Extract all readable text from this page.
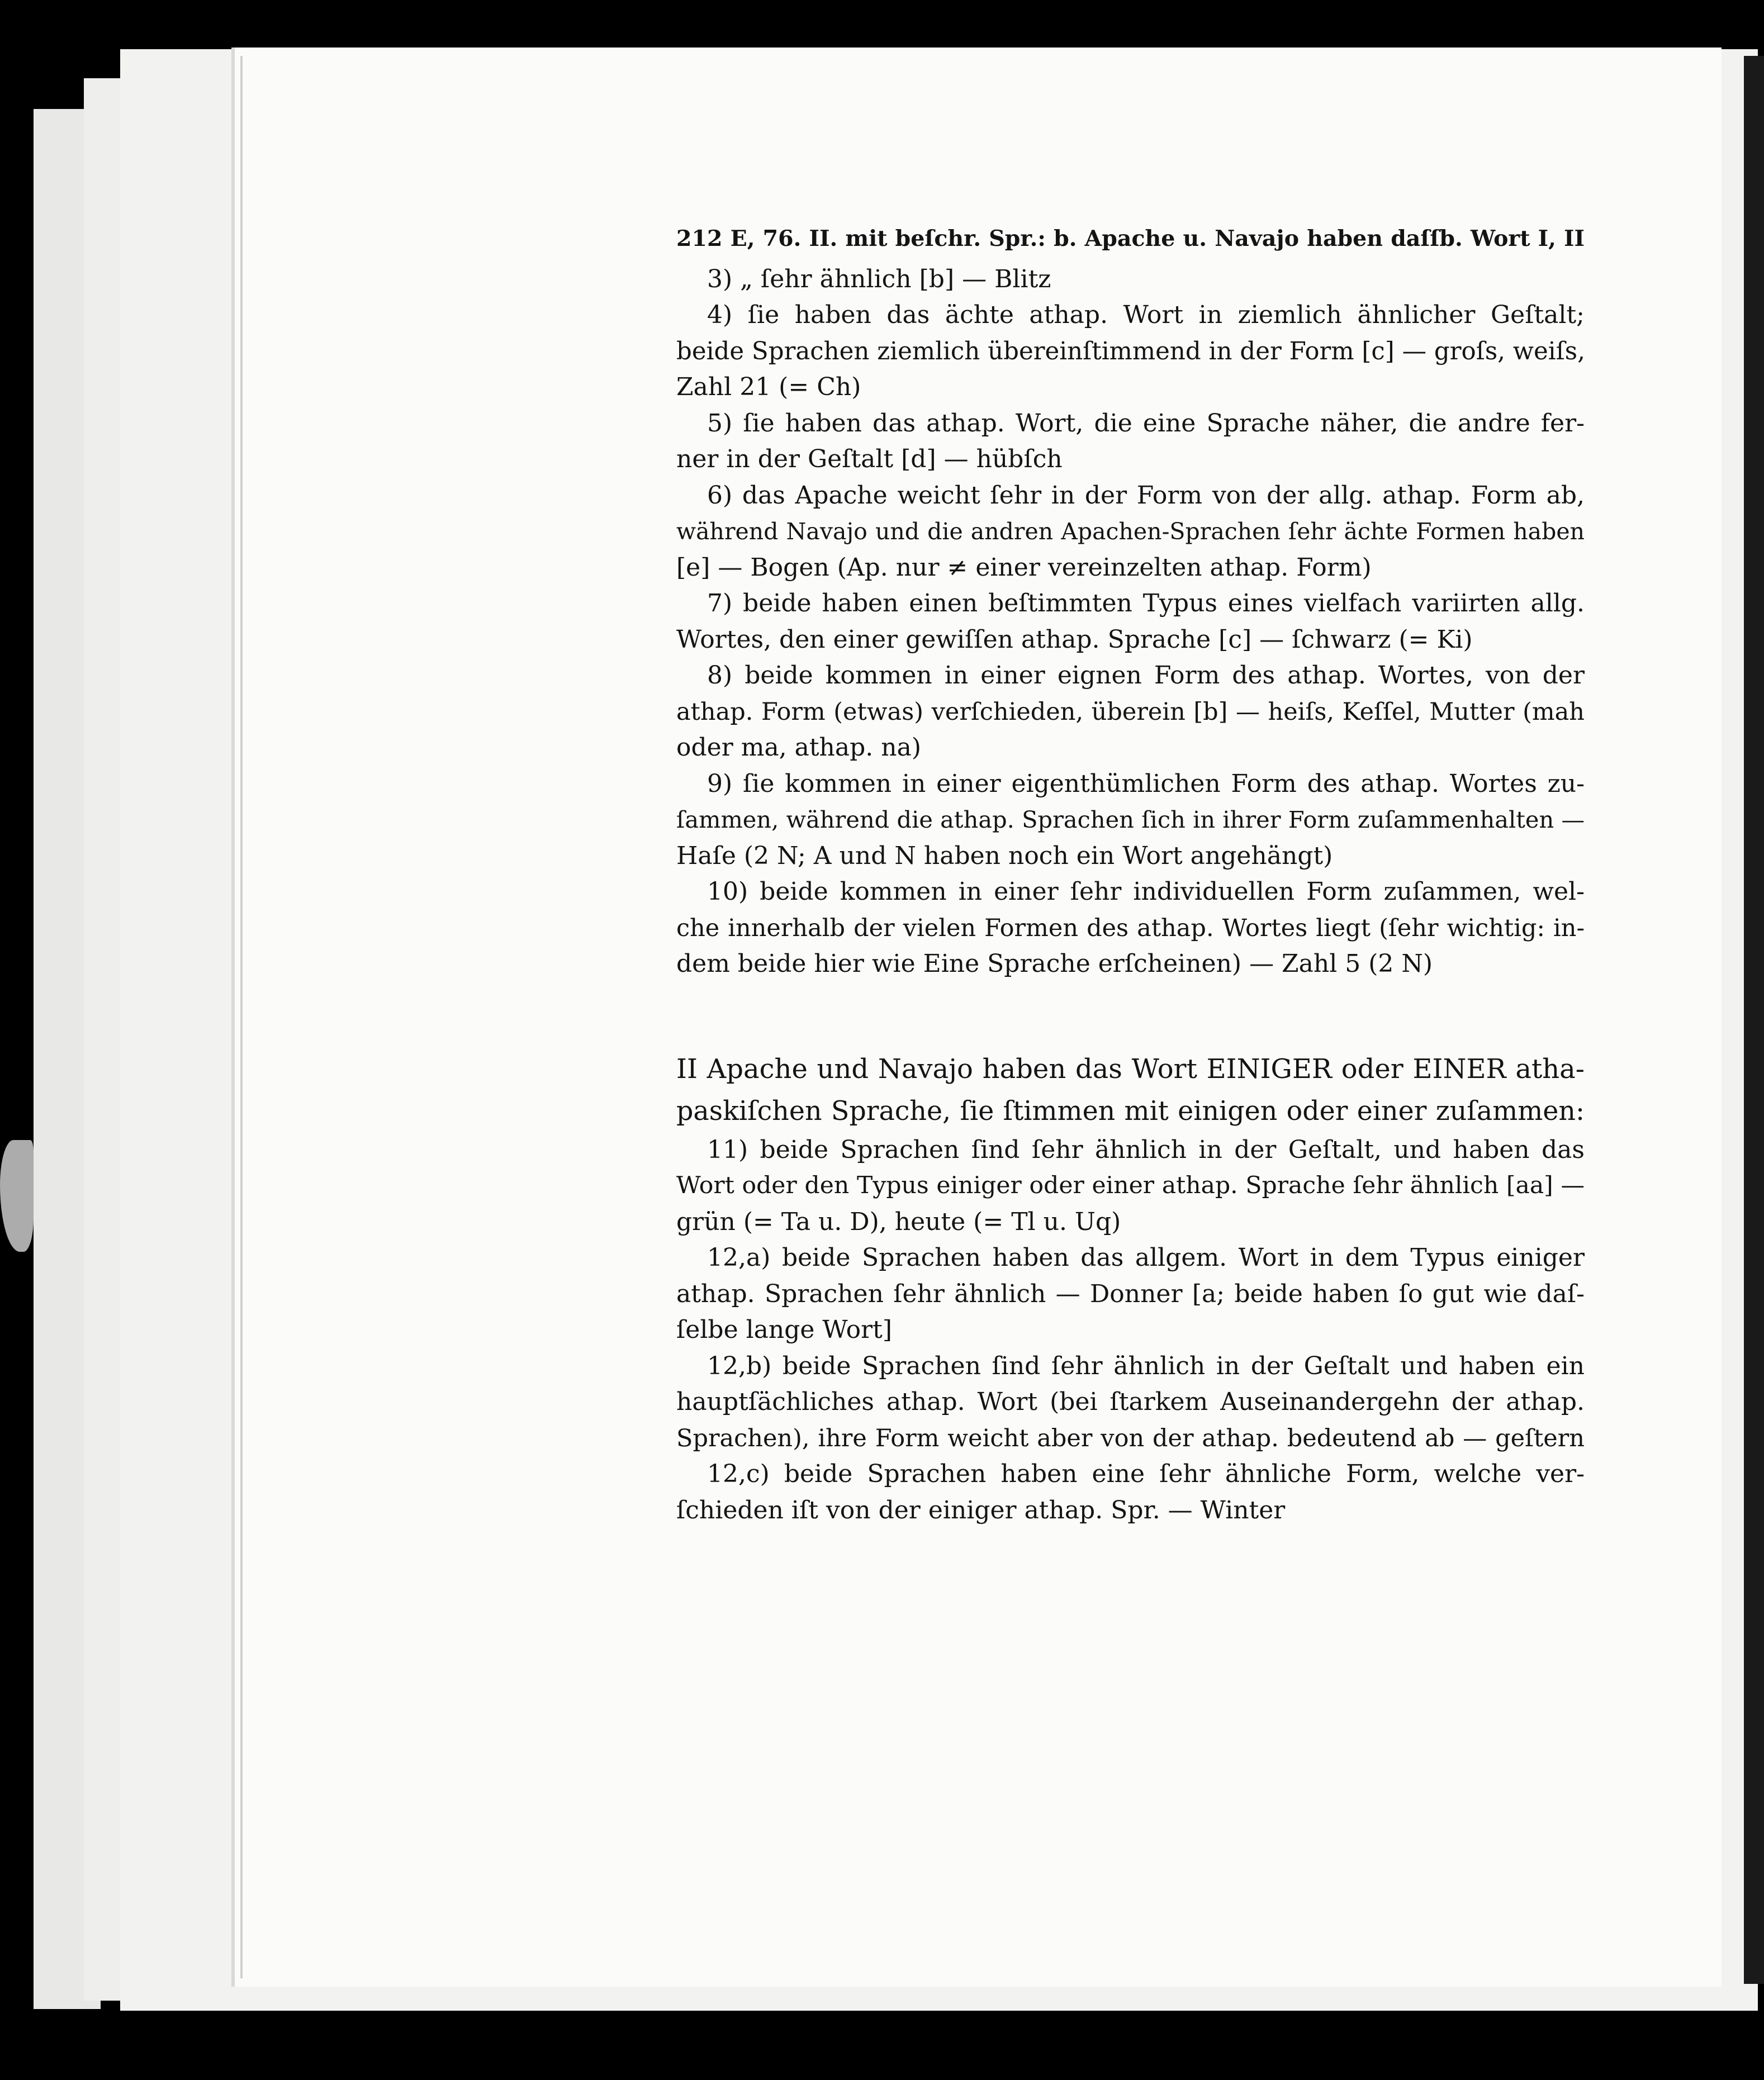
212 E, 76. II. mit beſchr. Spr.: b. Apache u. Navajo haben daſſb. Wort I, II
3) „ ſehr ähnlich [b] — Blitz
4) ſie haben das ächte athap. Wort in ziemlich ähnlicher Geſtalt;
beide Sprachen ziemlich übereinſtimmend in der Form [c] — groſs, weiſs,
Zahl 21 (= Ch)
5) ſie haben das athap. Wort, die eine Sprache näher, die andre fer-
ner in der Geſtalt [d] — hübſch
6) das Apache weicht ſehr in der Form von der allg. athap. Form ab,
während Navajo und die andren Apachen-Sprachen ſehr ächte Formen haben
[e] — Bogen (Ap. nur ≠ einer vereinzelten athap. Form)
7) beide haben einen beſtimmten Typus eines vielfach variirten allg.
Wortes, den einer gewiſſen athap. Sprache [c] — ſchwarz (= Ki)
8) beide kommen in einer eignen Form des athap. Wortes, von der
athap. Form (etwas) verſchieden, überein [b] — heiſs, Keſſel, Mutter (mah
oder ma, athap. na)
9) ſie kommen in einer eigenthümlichen Form des athap. Wortes zu-
ſammen, während die athap. Sprachen ſich in ihrer Form zuſammenhalten —
Haſe (2 N; A und N haben noch ein Wort angehängt)
10) beide kommen in einer ſehr individuellen Form zuſammen, wel-
che innerhalb der vielen Formen des athap. Wortes liegt (ſehr wichtig: in-
dem beide hier wie Eine Sprache erſcheinen) — Zahl 5 (2 N)
II Apache und Navajo haben das Wort EINIGER oder EINER atha-
paskiſchen Sprache, ſie ſtimmen mit einigen oder einer zuſammen:
11) beide Sprachen ſind ſehr ähnlich in der Geſtalt, und haben das
Wort oder den Typus einiger oder einer athap. Sprache ſehr ähnlich [aa] —
grün (= Ta u. D), heute (= Tl u. Uq)
12,a) beide Sprachen haben das allgem. Wort in dem Typus einiger
athap. Sprachen ſehr ähnlich — Donner [a; beide haben ſo gut wie daſ-
ſelbe lange Wort]
12,b) beide Sprachen ſind ſehr ähnlich in der Geſtalt und haben ein
hauptſächliches athap. Wort (bei ſtarkem Auseinandergehn der athap.
Sprachen), ihre Form weicht aber von der athap. bedeutend ab — geſtern
12,c) beide Sprachen haben eine ſehr ähnliche Form, welche ver-
ſchieden iſt von der einiger athap. Spr. — Winter
